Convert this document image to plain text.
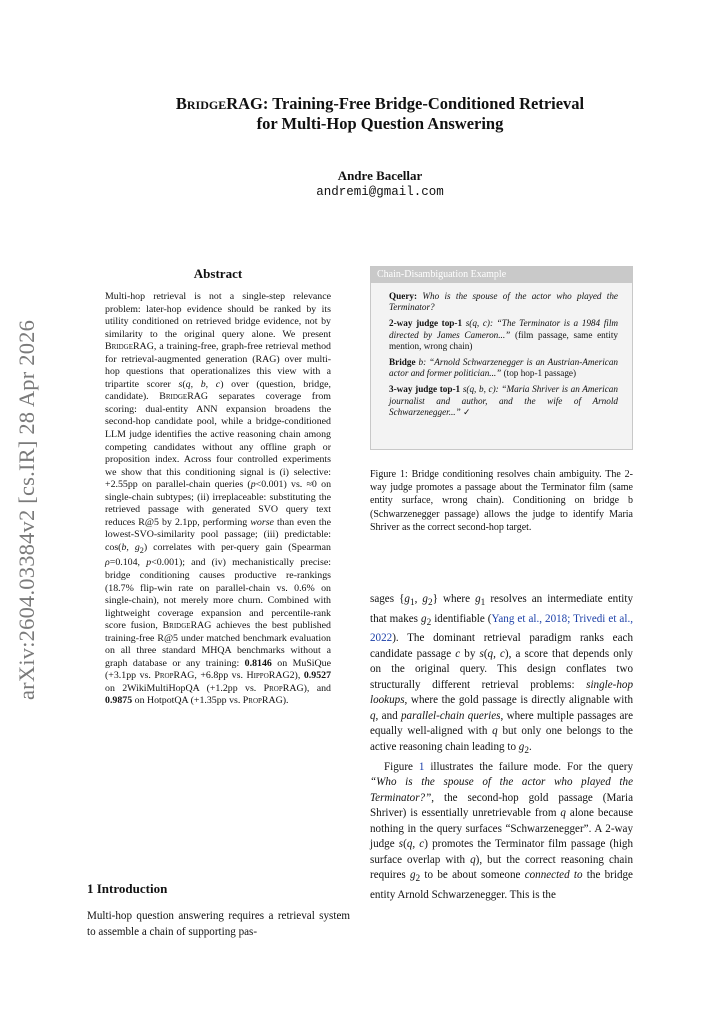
arXiv:2604.03384v2 [cs.IR] 28 Apr 2026
BridgeRAG: Training-Free Bridge-Conditioned Retrieval
for Multi-Hop Question Answering
Andre Bacellar
andremi@gmail.com
Abstract
Multi-hop retrieval is not a single-step relevance problem: later-hop evidence should be ranked by its utility conditioned on retrieved bridge evidence, not by similarity to the original query alone. We present BridgeRAG, a training-free, graph-free retrieval method for retrieval-augmented generation (RAG) over multi-hop questions that operationalizes this view with a tripartite scorer s(q, b, c) over (question, bridge, candidate). BridgeRAG separates coverage from scoring: dual-entity ANN expansion broadens the second-hop candidate pool, while a bridge-conditioned LLM judge identifies the active reasoning chain among competing candidates without any offline graph or proposition index. Across four controlled experiments we show that this conditioning signal is (i) selective: +2.55pp on parallel-chain queries (p<0.001) vs. ≈0 on single-chain subtypes; (ii) irreplaceable: substituting the retrieved passage with generated SVO query text reduces R@5 by 2.1pp, performing worse than even the lowest-SVO-similarity pool passage; (iii) predictable: cos(b, $g_2$) correlates with per-query gain (Spearman ρ=0.104, p<0.001); and (iv) mechanistically precise: bridge conditioning causes productive re-rankings (18.7% flip-win rate on parallel-chain vs. 0.6% on single-chain), not merely more churn. Combined with lightweight coverage expansion and percentile-rank score fusion, BridgeRAG achieves the best published training-free R@5 under matched benchmark evaluation on all three standard MHQA benchmarks without a graph database or any training: 0.8146 on MuSiQue (+3.1pp vs. PropRAG, +6.8pp vs. HippoRAG2), 0.9527 on 2WikiMultiHopQA (+1.2pp vs. PropRAG), and 0.9875 on HotpotQA (+1.35pp vs. PropRAG).
1 Introduction
Multi-hop question answering requires a retrieval system to assemble a chain of supporting pas-
Chain-Disambiguation Example

Query: Who is the spouse of the actor who played the Terminator?

2-way judge top-1 s(q, c): “The Terminator is a 1984 film directed by James Cameron...” (film passage, same entity mention, wrong chain)

Bridge b: “Arnold Schwarzenegger is an Austrian-American actor and former politician...” (top hop-1 passage)

3-way judge top-1 s(q, b, c): “Maria Shriver is an American journalist and author, and the wife of Arnold Schwarzenegger...” ✓

Figure 1: Bridge conditioning resolves chain ambiguity. The 2-way judge promotes a passage about the Terminator film (same entity surface, wrong chain). Conditioning on bridge b (Schwarzenegger passage) allows the judge to identify Maria Shriver as the correct second-hop target.

sages {$g_1$, $g_2$} where $g_1$ resolves an intermediate entity that makes $g_2$ identifiable (Yang et al., 2018; Trivedi et al., 2022). The dominant retrieval paradigm ranks each candidate passage c by s(q, c), a score that depends only on the original query. This design conflates two structurally different retrieval problems: single-hop lookups, where the gold passage is directly alignable with q, and parallel-chain queries, where multiple passages are equally well-aligned with q but only one belongs to the active reasoning chain leading to $g_2$.

Figure 1 illustrates the failure mode. For the query “Who is the spouse of the actor who played the Terminator?”, the second-hop gold passage (Maria Shriver) is essentially unretrievable from q alone because nothing in the query surfaces “Schwarzenegger”. A 2-way judge s(q, c) promotes the Terminator film passage (high surface overlap with q), but the correct reasoning chain requires $g_2$ to be about someone connected to the bridge entity Arnold Schwarzenegger. This is the
